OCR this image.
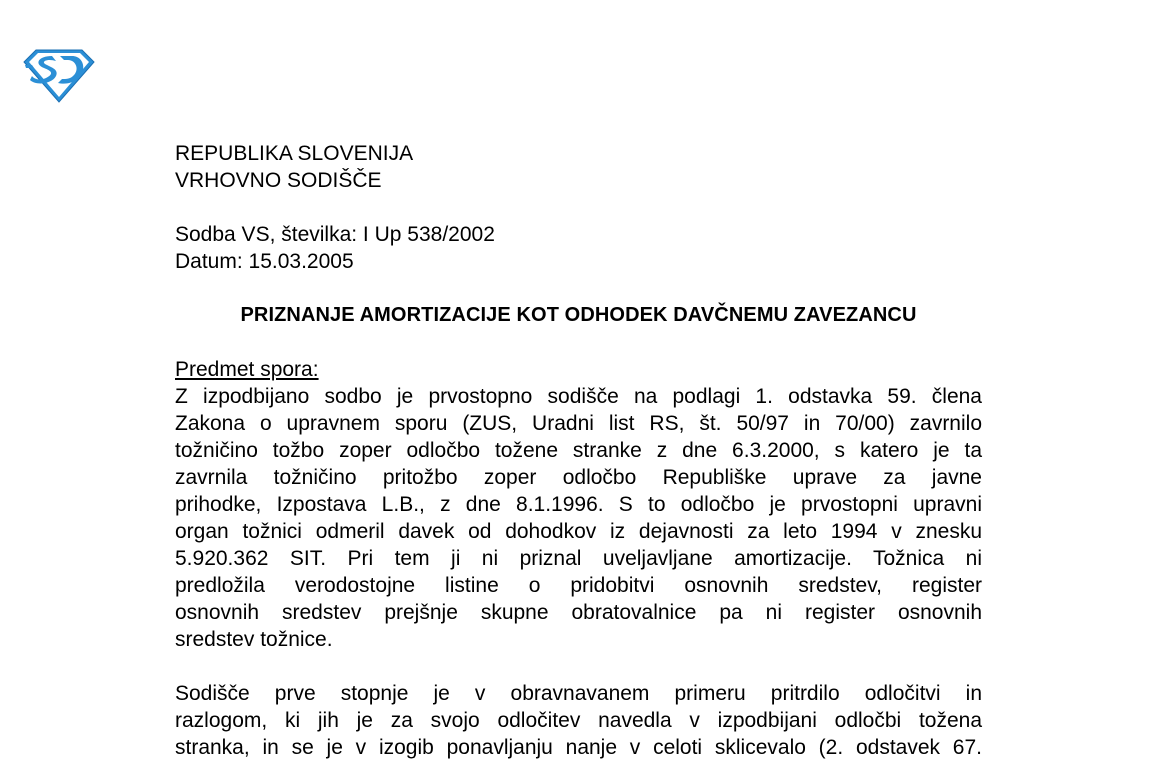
REPUBLIKA SLOVENIJA
VRHOVNO SODIŠČE
Sodba VS, številka: I Up 538/2002
Datum: 15.03.2005
PRIZNANJE AMORTIZACIJE KOT ODHODEK DAVČNEMU ZAVEZANCU
Predmet spora:
Z izpodbijano sodbo je prvostopno sodišče na podlagi 1. odstavka 59. člena
Zakona o upravnem sporu (ZUS, Uradni list RS, št. 50/97 in 70/00) zavrnilo
tožničino tožbo zoper odločbo tožene stranke z dne 6.3.2000, s katero je ta
zavrnila tožničino pritožbo zoper odločbo Republiške uprave za javne
prihodke, Izpostava L.B., z dne 8.1.1996. S to odločbo je prvostopni upravni
organ tožnici odmeril davek od dohodkov iz dejavnosti za leto 1994 v znesku
5.920.362 SIT. Pri tem ji ni priznal uveljavljane amortizacije. Tožnica ni
predložila verodostojne listine o pridobitvi osnovnih sredstev, register
osnovnih sredstev prejšnje skupne obratovalnice pa ni register osnovnih
sredstev tožnice.
Sodišče prve stopnje je v obravnavanem primeru pritrdilo odločitvi in
razlogom, ki jih je za svojo odločitev navedla v izpodbijani odločbi tožena
stranka, in se je v izogib ponavljanju nanje v celoti sklicevalo (2. odstavek 67.
